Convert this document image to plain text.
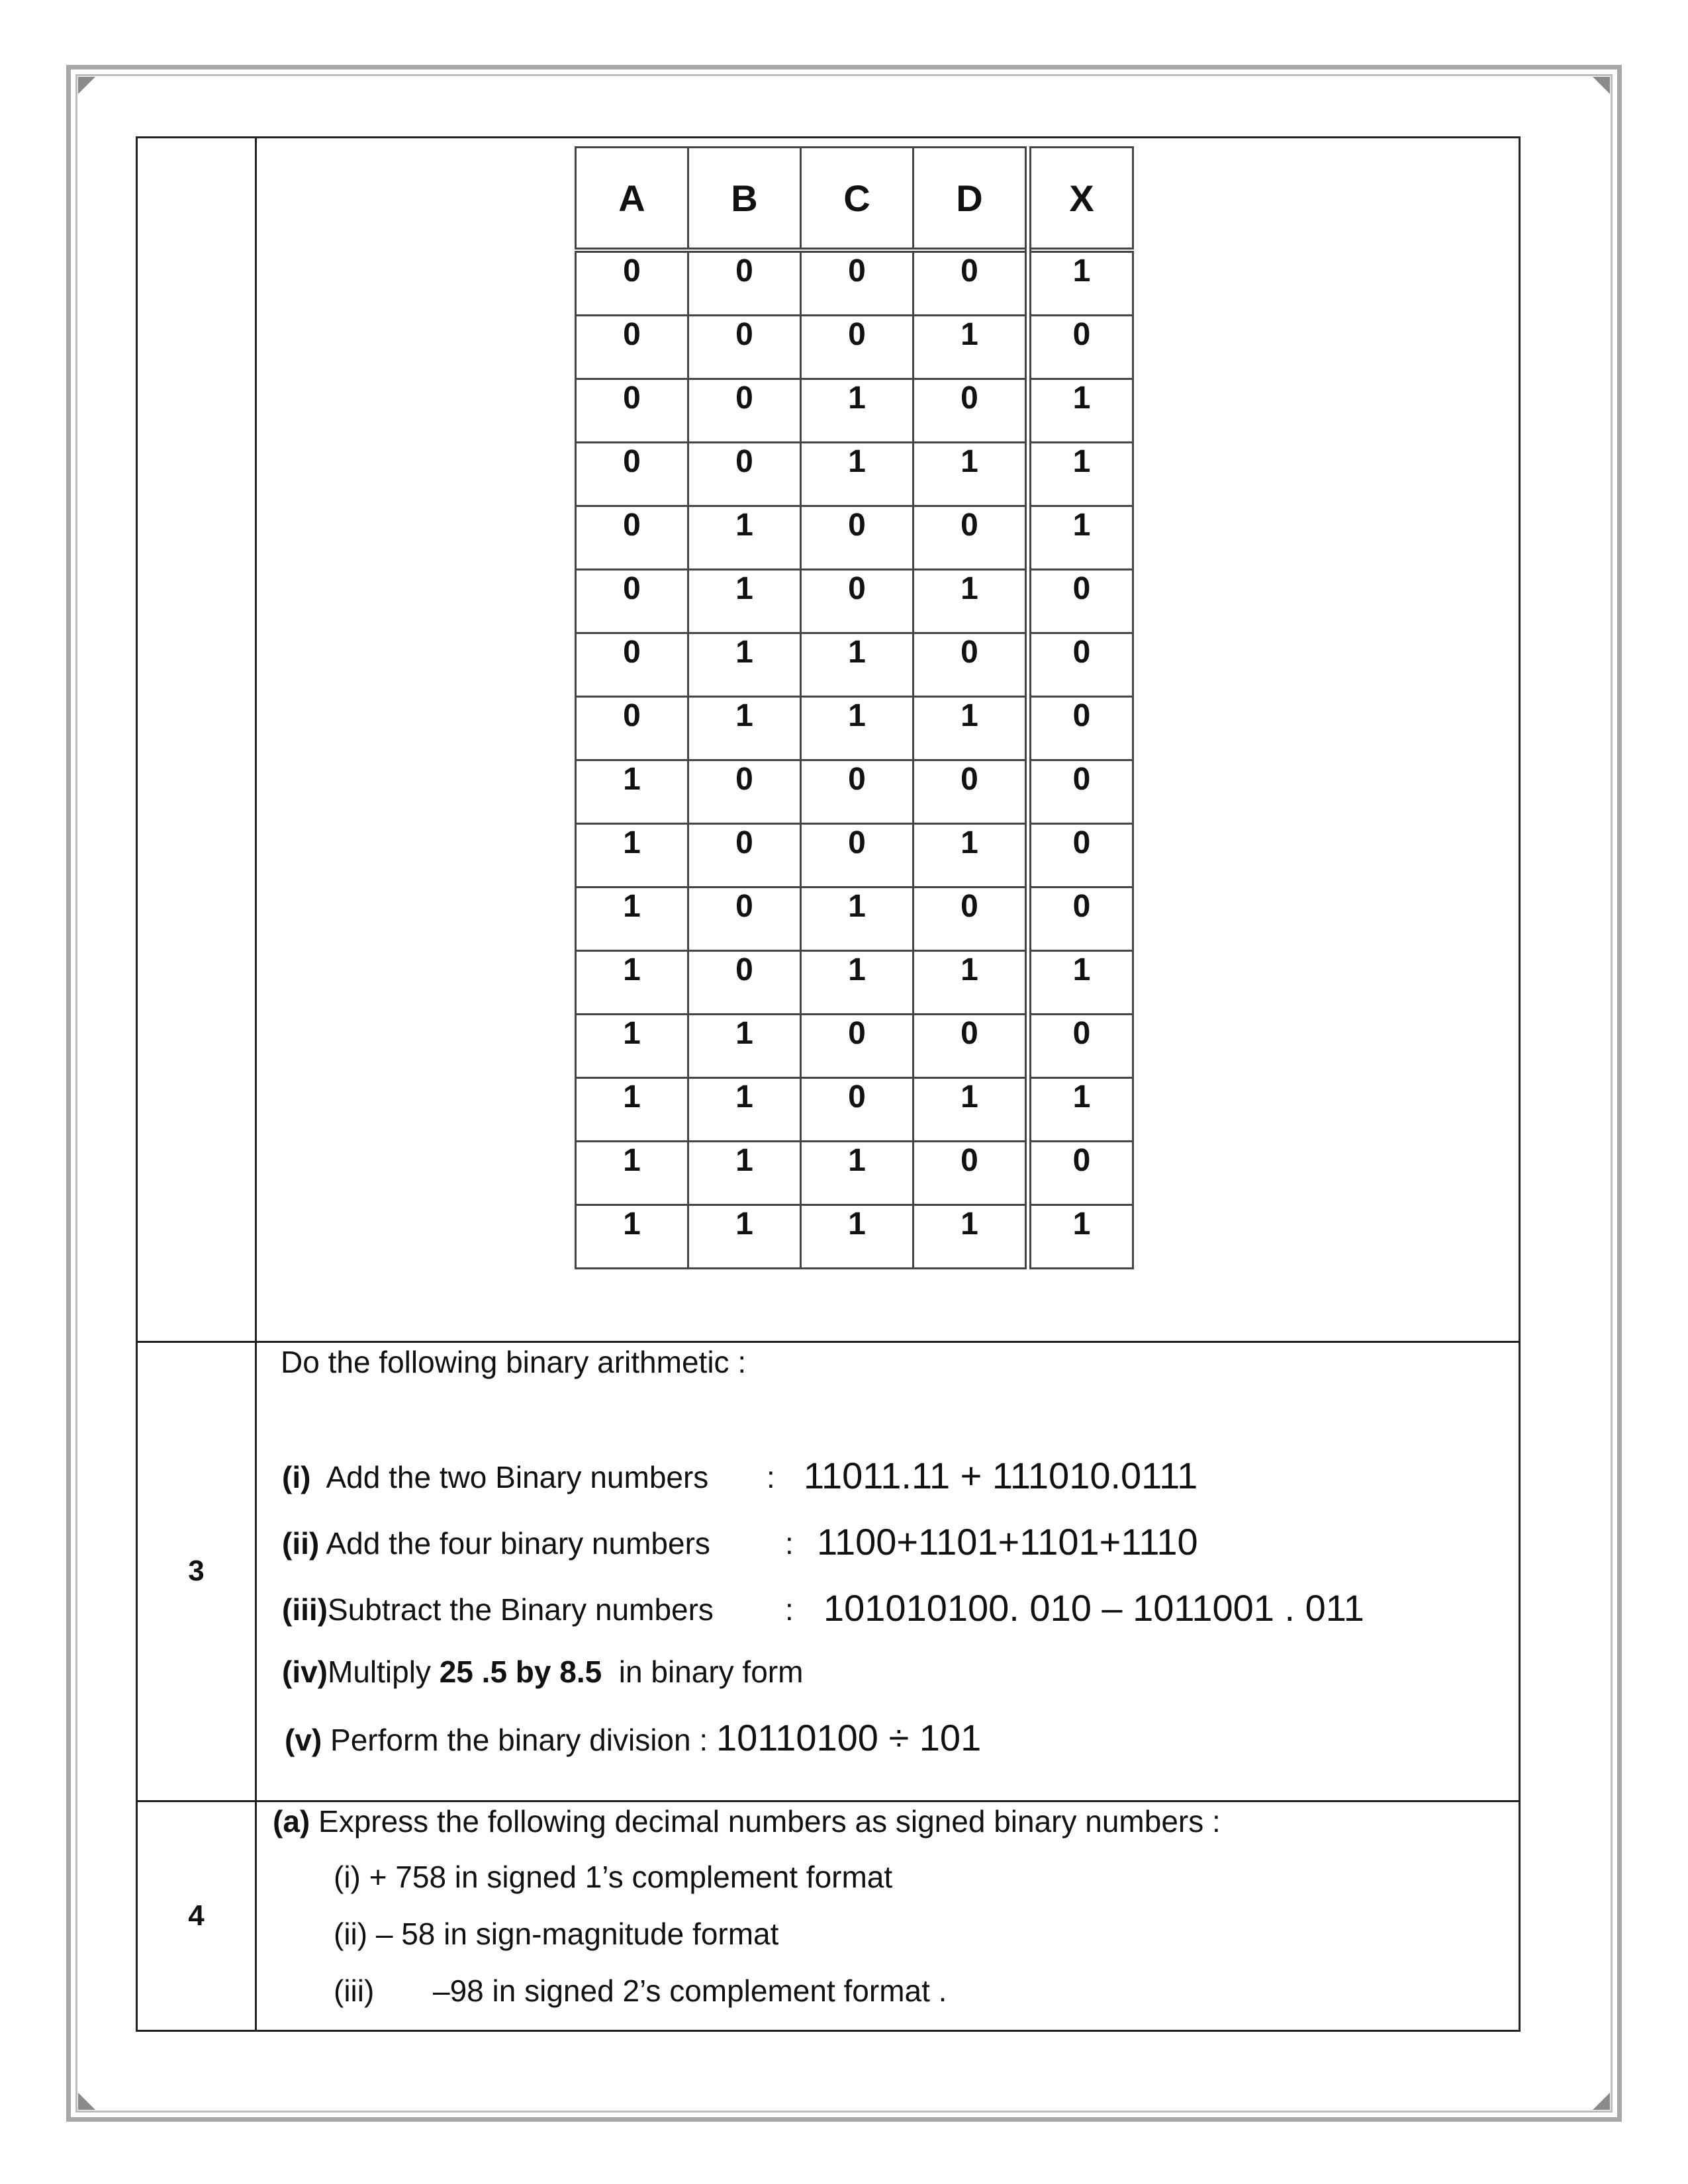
A	B	C	D	X
0	0	0	0	1
0	0	0	1	0
0	0	1	0	1
0	0	1	1	1
0	1	0	0	1
0	1	0	1	0
0	1	1	0	0
0	1	1	1	0
1	0	0	0	0
1	0	0	1	0
1	0	1	0	0
1	0	1	1	1
1	1	0	0	0
1	1	0	1	1
1	1	1	0	0
1	1	1	1	1

3	
Do the following binary arithmetic :
(i) Add the two Binary numbers : 11011.11 + 111010.0111
(ii) Add the four binary numbers : 1100+1101+1101+1110
(iii)Subtract the Binary numbers : 101010100. 010 – 1011001 . 011
(iv)Multiply 25 .5 by 8.5 in binary form
(v) Perform the binary division : 10110100 ÷ 101

4	
(a) Express the following decimal numbers as signed binary numbers :
(i) + 758 in signed 1’s complement format
(ii) – 58 in sign-magnitude format
(iii) –98 in signed 2’s complement format .
